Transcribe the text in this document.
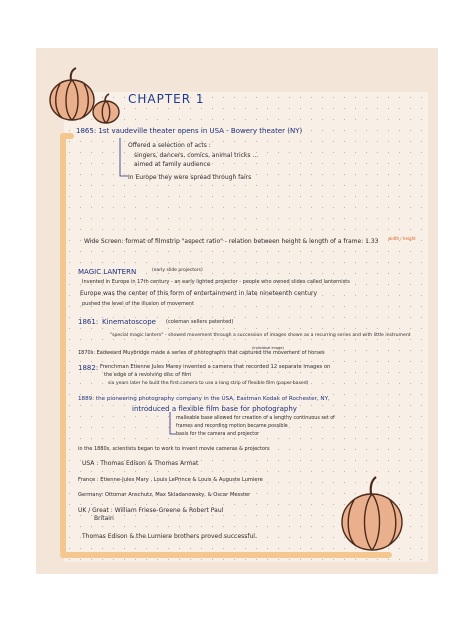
CHAPTER 1
1865: 1st vaudeville theater opens in USA - Bowery theater (NY)
Offered a selection of acts :
singers, dancers, comics, animal tricks ...
aimed at family audience
In Europe they were spread through fairs
Wide Screen: format of filmstrip "aspect ratio" - relation between height & length of a frame: 1.33 width / height
MAGIC LANTERN	(early slide projectors)
Invented in Europe in 17th century - an early lighted projector - people who owned slides called lanternists
Europe was the center of this form of entertainment in late nineteenth century
pushed the level of the illusion of movement
1861: Kinematoscope (coleman sellers patented)
"special magic lantern" - showed movement through a succession of images shown as a recurring series and with little instrument
1870s: Eadweard Muybridge made a series of photographs that captured the movement of horses
(individual image)
1882: Frenchman Etienne Jules Marey invented a camera that recorded 12 separate images on
the edge of a revolving disc of film
six years later he built the first camera to use a long strip of flexible film (paper-based)
1889: the pioneering photography company in the USA, Eastman Kodak of Rochester, NY,
introduced a flexible film base for photography
malleable base allowed for creation of a lengthy continuous set of
frames and recording motion became possible
basis for the camera and projector
in the 1880s, scientists began to work to invent movie cameras & projectors
USA : Thomas Edison & Thomas Armat
France : Etienne-Jules Mary , Louis LePrince & Louis & Auguste Lumiere
Germany: Ottomar Anschutz, Max Skladanowsky, & Oscar Messter
UK / Great : William Friese-Greene & Robert Paul
Britain
Thomas Edison & the Lumiere brothers proved successful.
